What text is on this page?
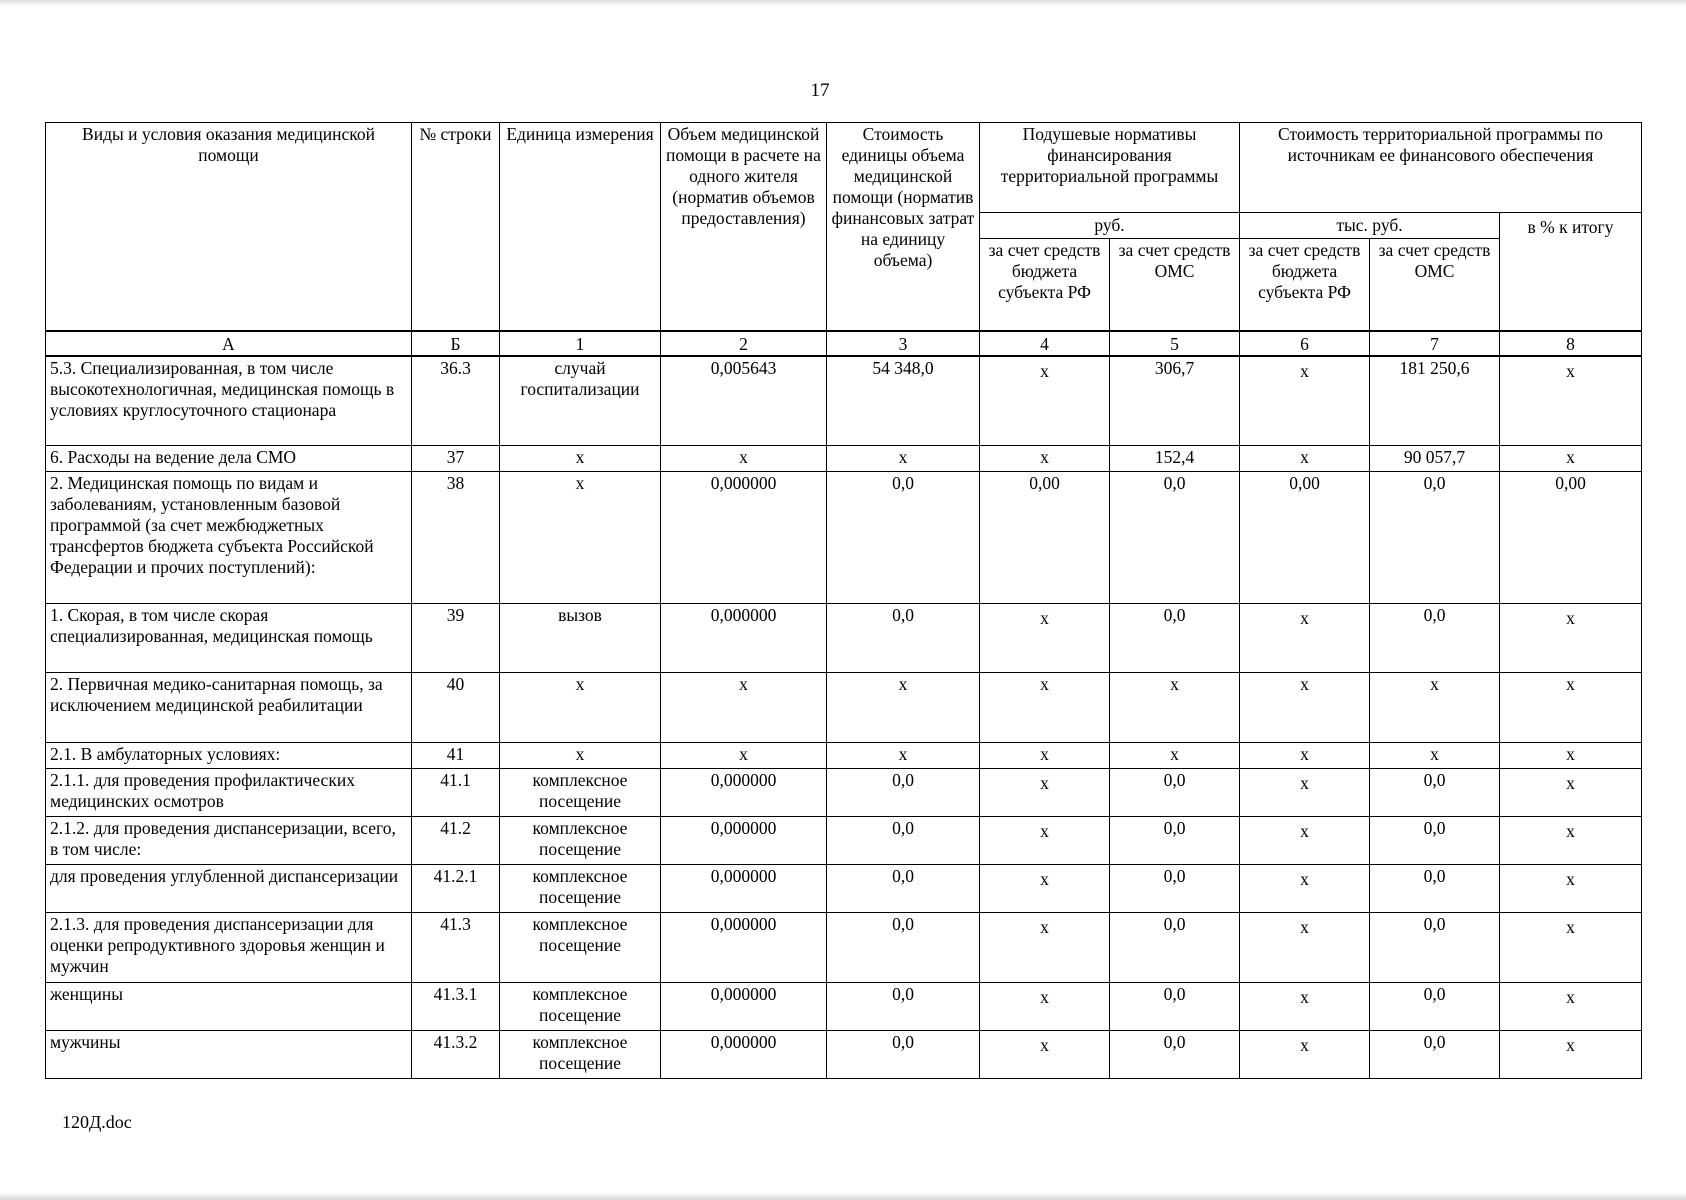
17
Виды и условия оказания медицинской помощи	№ строки	Единица измерения	Объем медицинской помощи в расчете на одного жителя (норматив объемов предоставления)	Стоимость единицы объема медицинской помощи (норматив финансовых затрат на единицу объема)	Подушевые нормативы финансирования территориальной программы		Стоимость территориальной программы по источникам ее финансового обеспечения		
					руб.		тыс. руб.		в % к итогу
					за счет средств бюджета субъекта РФ	за счет средств ОМС	за счет средств бюджета субъекта РФ	за счет средств ОМС	
А	Б	1	2	3	4	5	6	7	8
5.3. Специализированная, в том числе высокотехнологичная, медицинская помощь в условиях круглосуточного стационара	36.3	случай госпитализации	0,005643	54 348,0	x	306,7	x	181 250,6	x
6. Расходы на ведение дела СМО	37	x	x	x	x	152,4	x	90 057,7	x
2. Медицинская помощь по видам и заболеваниям, установленным базовой программой (за счет межбюджетных трансфертов бюджета субъекта Российской Федерации и прочих поступлений):	38	x	0,000000	0,0	0,00	0,0	0,00	0,0	0,00
1. Скорая, в том числе скорая специализированная, медицинская помощь	39	вызов	0,000000	0,0	x	0,0	x	0,0	x
2. Первичная медико-санитарная помощь, за исключением медицинской реабилитации	40	x	x	x	x	x	x	x	x
2.1. В амбулаторных условиях:	41	x	x	x	x	x	x	x	x
2.1.1. для проведения профилактических медицинских осмотров	41.1	комплексное посещение	0,000000	0,0	x	0,0	x	0,0	x
2.1.2. для проведения диспансеризации, всего, в том числе:	41.2	комплексное посещение	0,000000	0,0	x	0,0	x	0,0	x
для проведения углубленной диспансеризации	41.2.1	комплексное посещение	0,000000	0,0	x	0,0	x	0,0	x
2.1.3. для проведения диспансеризации для оценки репродуктивного здоровья женщин и мужчин	41.3	комплексное посещение	0,000000	0,0	x	0,0	x	0,0	x
женщины	41.3.1	комплексное посещение	0,000000	0,0	x	0,0	x	0,0	x
мужчины	41.3.2	комплексное посещение	0,000000	0,0	x	0,0	x	0,0	x
120Д.doc
